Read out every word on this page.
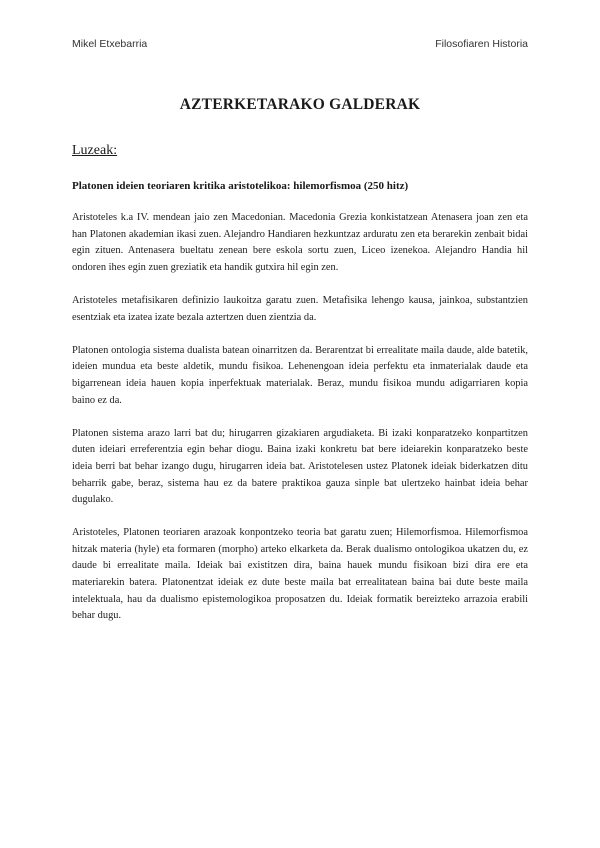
Mikel Etxebarria	Filosofiaren Historia
AZTERKETARAKO GALDERAK
Luzeak:
Platonen ideien teoriaren kritika aristotelikoa: hilemorfismoa (250 hitz)

Aristoteles k.a IV. mendean jaio zen Macedonian. Macedonia Grezia konkistatzean Atenasera joan zen eta han Platonen akademian ikasi zuen. Alejandro Handiaren hezkuntzaz arduratu zen eta berarekin zenbait bidai egin zituen. Antenasera bueltatu zenean bere eskola sortu zuen, Liceo izenekoa. Alejandro Handia hil ondoren ihes egin zuen greziatik eta handik gutxira hil egin zen.

Aristoteles metafisikaren definizio laukoitza garatu zuen. Metafisika lehengo kausa, jainkoa, substantzien esentziak eta izatea izate bezala aztertzen duen zientzia da.

Platonen ontologia sistema dualista batean oinarritzen da. Berarentzat bi errealitate maila daude, alde batetik, ideien mundua eta beste aldetik, mundu fisikoa. Lehenengoan ideia perfektu eta inmaterialak daude eta bigarrenean ideia hauen kopia inperfektuak materialak. Beraz, mundu fisikoa mundu adigarriaren kopia baino ez da.

Platonen sistema arazo larri bat du; hirugarren gizakiaren argudiaketa. Bi izaki konparatzeko konpartitzen duten ideiari erreferentzia egin behar diogu. Baina izaki konkretu bat bere ideiarekin konparatzeko beste ideia berri bat behar izango dugu, hirugarren ideia bat. Aristotelesen ustez Platonek ideiak biderkatzen ditu beharrik gabe, beraz, sistema hau ez da batere praktikoa gauza sinple bat ulertzeko hainbat ideia behar dugulako.

Aristoteles, Platonen teoriaren arazoak konpontzeko teoria bat garatu zuen; Hilemorfismoa. Hilemorfismoa hitzak materia (hyle) eta formaren (morpho) arteko elkarketa da. Berak dualismo ontologikoa ukatzen du, ez daude bi errealitate maila. Ideiak bai existitzen dira, baina hauek mundu fisikoan bizi dira ere eta materiarekin batera. Platonentzat ideiak ez dute beste maila bat errealitatean baina bai dute beste maila intelektuala, hau da dualismo epistemologikoa proposatzen du. Ideiak formatik bereizteko arrazoia erabili behar dugu.
